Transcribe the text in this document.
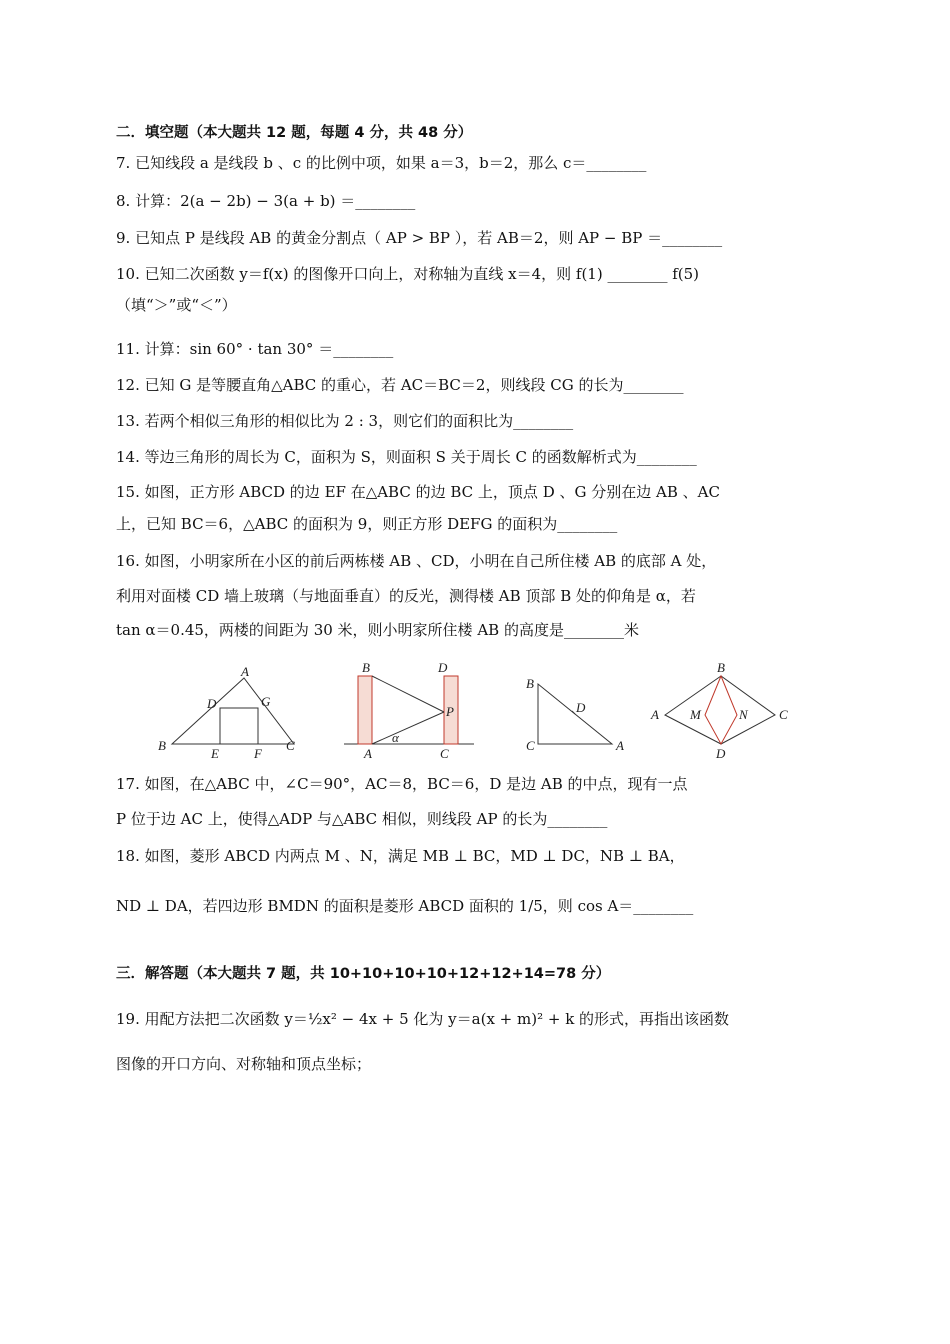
二．填空题（本大题共 12 题，每题 4 分，共 48 分）
7. 已知线段 a 是线段 b 、c 的比例中项，如果 a＝3，b＝2，那么 c＝________
8. 计算：2(a − 2b) − 3(a + b) ＝________
9. 已知点 P 是线段 AB 的黄金分割点（ AP > BP ），若 AB＝2，则 AP − BP ＝________
10. 已知二次函数 y＝f(x) 的图像开口向上，对称轴为直线 x＝4，则 f(1) ________ f(5)
（填“＞”或“＜”）
11. 计算：sin 60° · tan 30° ＝________
12. 已知 G 是等腰直角△ABC 的重心，若 AC＝BC＝2，则线段 CG 的长为________
13. 若两个相似三角形的相似比为 2 : 3，则它们的面积比为________
14. 等边三角形的周长为 C，面积为 S，则面积 S 关于周长 C 的函数解析式为________
15. 如图，正方形 ABCD 的边 EF 在△ABC 的边 BC 上，顶点 D 、G 分别在边 AB 、AC
上，已知 BC＝6，△ABC 的面积为 9，则正方形 DEFG 的面积为________
16. 如图，小明家所在小区的前后两栋楼 AB 、CD，小明在自己所住楼 AB 的底部 A 处，
利用对面楼 CD 墙上玻璃（与地面垂直）的反光，测得楼 AB 顶部 B 处的仰角是 α，若
tan α＝0.45，两楼的间距为 30 米，则小明家所住楼 AB 的高度是________米
A
B	C
D
E	F
G
B	D
P
A	C
α
B
D
C	A
B
A M	N C
D
17. 如图，在△ABC 中，∠C＝90°，AC＝8，BC＝6，D 是边 AB 的中点，现有一点
P 位于边 AC 上，使得△ADP 与△ABC 相似，则线段 AP 的长为________
18. 如图，菱形 ABCD 内两点 M 、N，满足 MB ⊥ BC，MD ⊥ DC，NB ⊥ BA，
ND ⊥ DA，若四边形 BMDN 的面积是菱形 ABCD 面积的 1/5，则 cos A＝________
三．解答题（本大题共 7 题，共 10+10+10+10+12+12+14=78 分）
19. 用配方法把二次函数 y＝½x² − 4x + 5 化为 y＝a(x + m)² + k 的形式，再指出该函数
图像的开口方向、对称轴和顶点坐标；
